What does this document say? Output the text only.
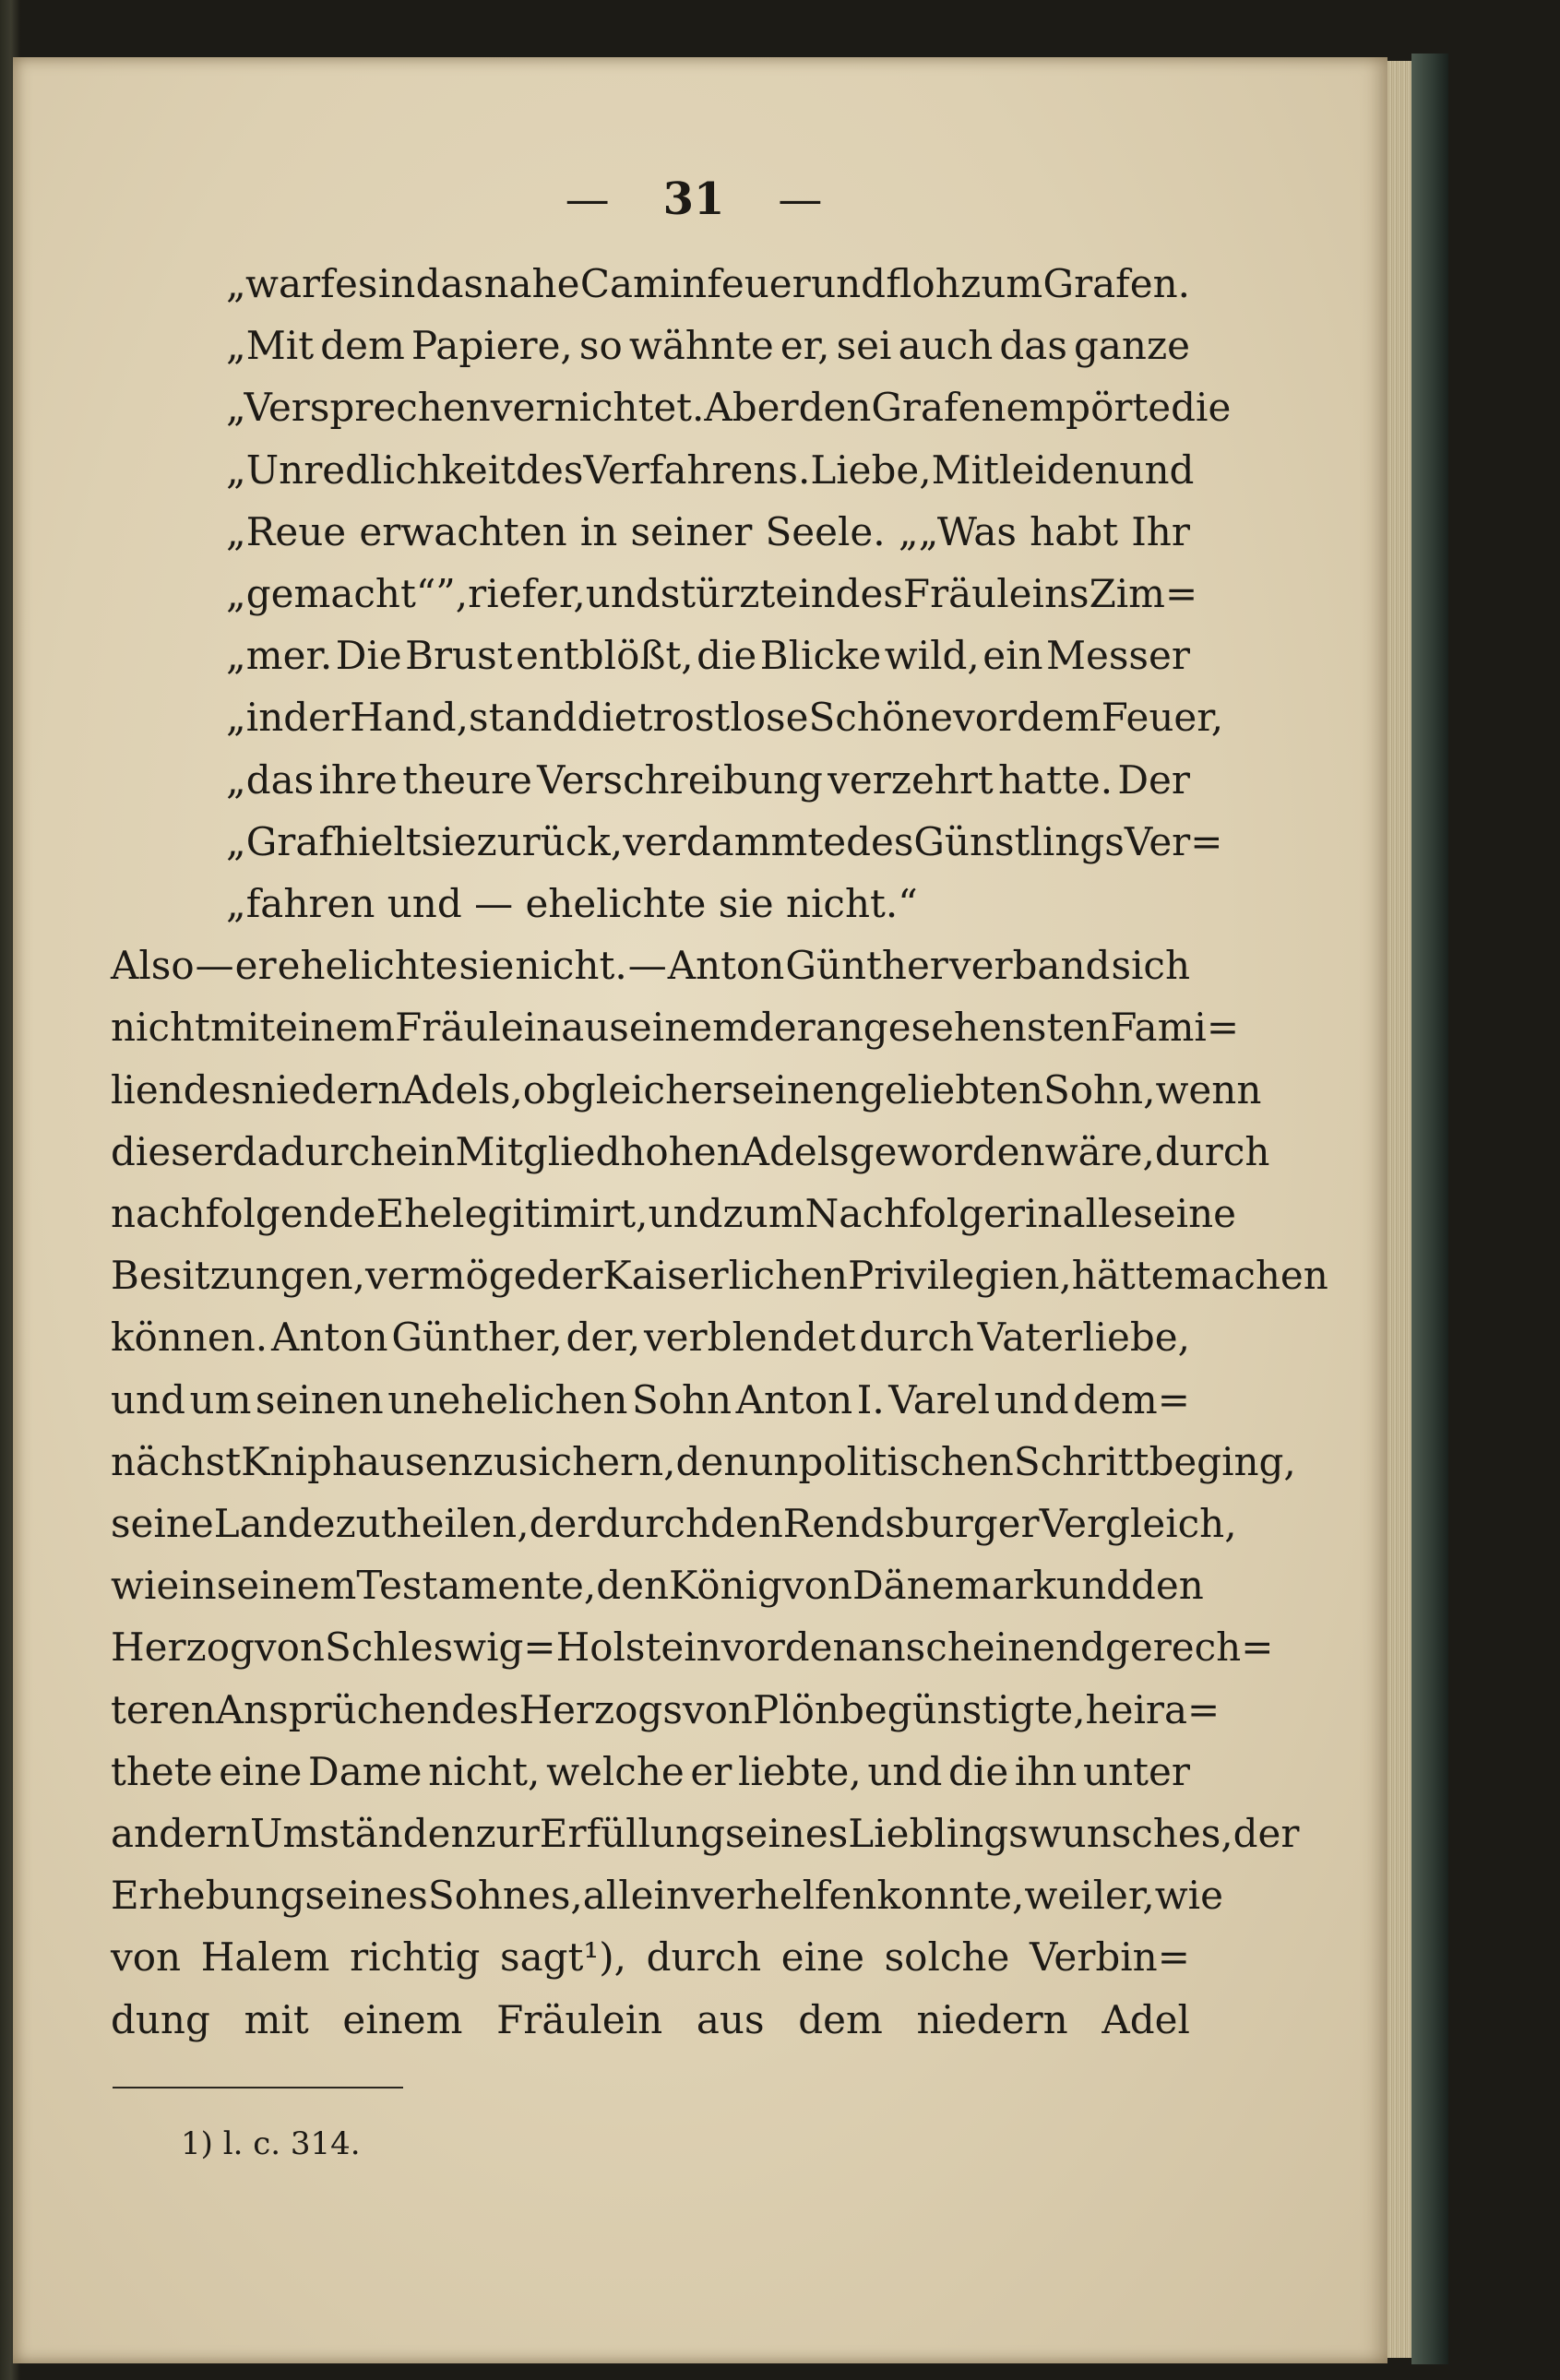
— 31 —
„warf es in das nahe Caminfeuer und floh zum Grafen.
„Mit dem Papiere, so wähnte er, sei auch das ganze
„Versprechen vernichtet. Aber den Grafen empörte die
„Unredlichkeit des Verfahrens. Liebe, Mitleiden und
„Reue erwachten in seiner Seele. „„Was habt Ihr
„gemacht“”, rief er, und stürzte in des Fräuleins Zim=
„mer. Die Brust entblößt, die Blicke wild, ein Messer
„in der Hand, stand die trostlose Schöne vor dem Feuer,
„das ihre theure Verschreibung verzehrt hatte. Der
„Graf hielt sie zurück, verdammte des Günstlings Ver=
„fahren und — ehelichte sie nicht.“
Also — er ehelichte sie nicht. — Anton Günther verband sich
nicht mit einem Fräulein aus einem der angesehensten Fami=
lien des niedern Adels, obgleich er seinen geliebten Sohn, wenn
dieser dadurch ein Mitglied hohen Adels geworden wäre, durch
nachfolgende Ehe legitimirt, und zum Nachfolger in alle seine
Besitzungen, vermöge der Kaiserlichen Privilegien, hätte machen
können. Anton Günther, der, verblendet durch Vaterliebe,
und um seinen unehelichen Sohn Anton I. Varel und dem=
nächst Kniphausen zu sichern, den unpolitischen Schritt beging,
seine Lande zu theilen, der durch den Rendsburger Vergleich,
wie in seinem Testamente, den König von Dänemark und den
Herzog von Schleswig=Holstein vor den anscheinend gerech=
teren Ansprüchen des Herzogs von Plön begünstigte, heira=
thete eine Dame nicht, welche er liebte, und die ihn unter
andern Umständen zur Erfüllung seines Lieblingswunsches, der
Erhebung seines Sohnes, allein verhelfen konnte, weil er, wie
von Halem richtig sagt¹), durch eine solche Verbin=
dung mit einem Fräulein aus dem niedern Adel
1) l. c. 314.
